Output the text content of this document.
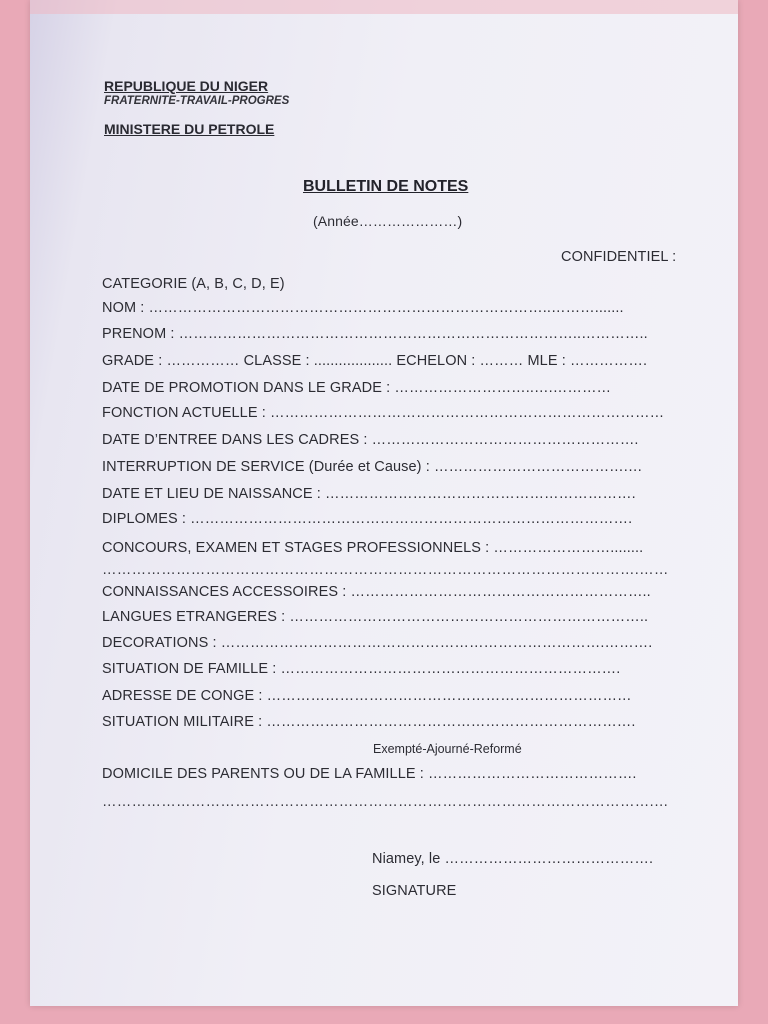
REPUBLIQUE DU NIGER
FRATERNITE-TRAVAIL-PROGRES
MINISTERE DU PETROLE
BULLETIN DE NOTES
(Année…………………)
CONFIDENTIEL :
CATEGORIE (A, B, C, D, E)
NOM : ………………………………………………………………………..……….......
PRENOM : ………………………………………………………………………..…………..
GRADE : …………… CLASSE : ................... ECHELON : ……… MLE : …………….
DATE DE PROMOTION DANS LE GRADE : ………………………..….…………
FONCTION ACTUELLE : ………………………………………………………………………
DATE D’ENTREE DANS LES CADRES : ……………………………………………….
INTERRUPTION DE SERVICE (Durée et Cause) : ………………………………….…
DATE ET LIEU DE NAISSANCE : ……………………………………………………….
DIPLOMES : ……………………………………………………………………………….
CONCOURS, EXAMEN ET STAGES PROFESSIONNELS : ……………………........
……………………………………………………………………………………………….……
CONNAISSANCES ACCESSOIRES : ……………………………………………………..
LANGUES ETRANGERES : ………………………………………………………………..
DECORATIONS : …………………………………………………………………….……….
SITUATION DE FAMILLE : …………………………………………………………….
ADRESSE DE CONGE : …………………………………………………………………
SITUATION MILITAIRE : ………………………………………………………………….
Exempté-Ajourné-Reformé
DOMICILE DES PARENTS OU DE LA FAMILLE : …………………………………….
………………………………………………………………………………………………….…
Niamey, le …………………………………….
SIGNATURE
